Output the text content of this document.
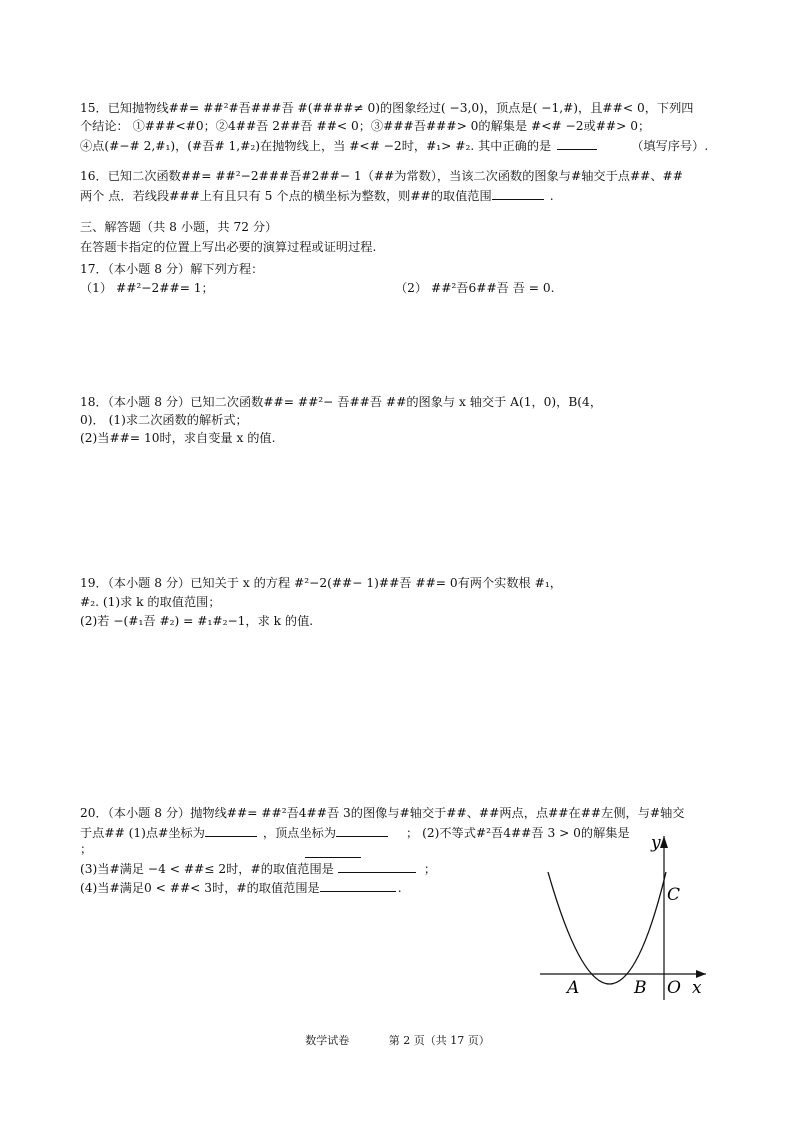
15．已知抛物线##= ##²#吾###吾 #(####≠ 0)的图象经过( −3,0)，顶点是( −1,#)，且##< 0，下列四
个结论： ①###<#0；②4##吾 2##吾 ##< 0；③###吾###> 0的解集是 #<# −2或##> 0；
④点(#−# 2,#₁)，(#吾# 1,#₂)在抛物线上，当 #<# −2时，#₁> #₂. 其中正确的是	（填写序号）.
16．已知二次函数##= ##²−2###吾#2##− 1（##为常数），当该二次函数的图象与#轴交于点##、##
两个 点．若线段###上有且只有 5 个点的横坐标为整数，则##的取值范围	.
三、解答题（共 8 小题，共 72 分）
在答题卡指定的位置上写出必要的演算过程或证明过程.
17．（本小题 8 分）解下列方程：
（1） ##²−2##= 1；	（2） ##²吾6##吾 吾 = 0.
18．（本小题 8 分）已知二次函数##= ##²− 吾##吾 ##的图象与 x 轴交于 A(1，0)，B(4，
0)． (1)求二次函数的解析式；
(2)当##= 10时，求自变量 x 的值.
19．（本小题 8 分）已知关于 x 的方程 #²−2(##− 1)##吾 ##= 0有两个实数根 #₁，
#₂. (1)求 k 的取值范围；
(2)若 −(#₁吾 #₂) = #₁#₂−1，求 k 的值.
20．（本小题 8 分）抛物线##= ##²吾4##吾 3的图像与#轴交于##、##两点，点##在##左侧，与#轴交
于点## (1)点#坐标为	，顶点坐标为	； (2)不等式#²吾4##吾 3 > 0的解集是
；
(3)当#满足 −4 < ##≤ 2时，#的取值范围是	；
(4)当#满足0 < ##< 3时，#的取值范围是	.
y
x
C
A	B O
数学试卷	第 2 页（共 17 页）
